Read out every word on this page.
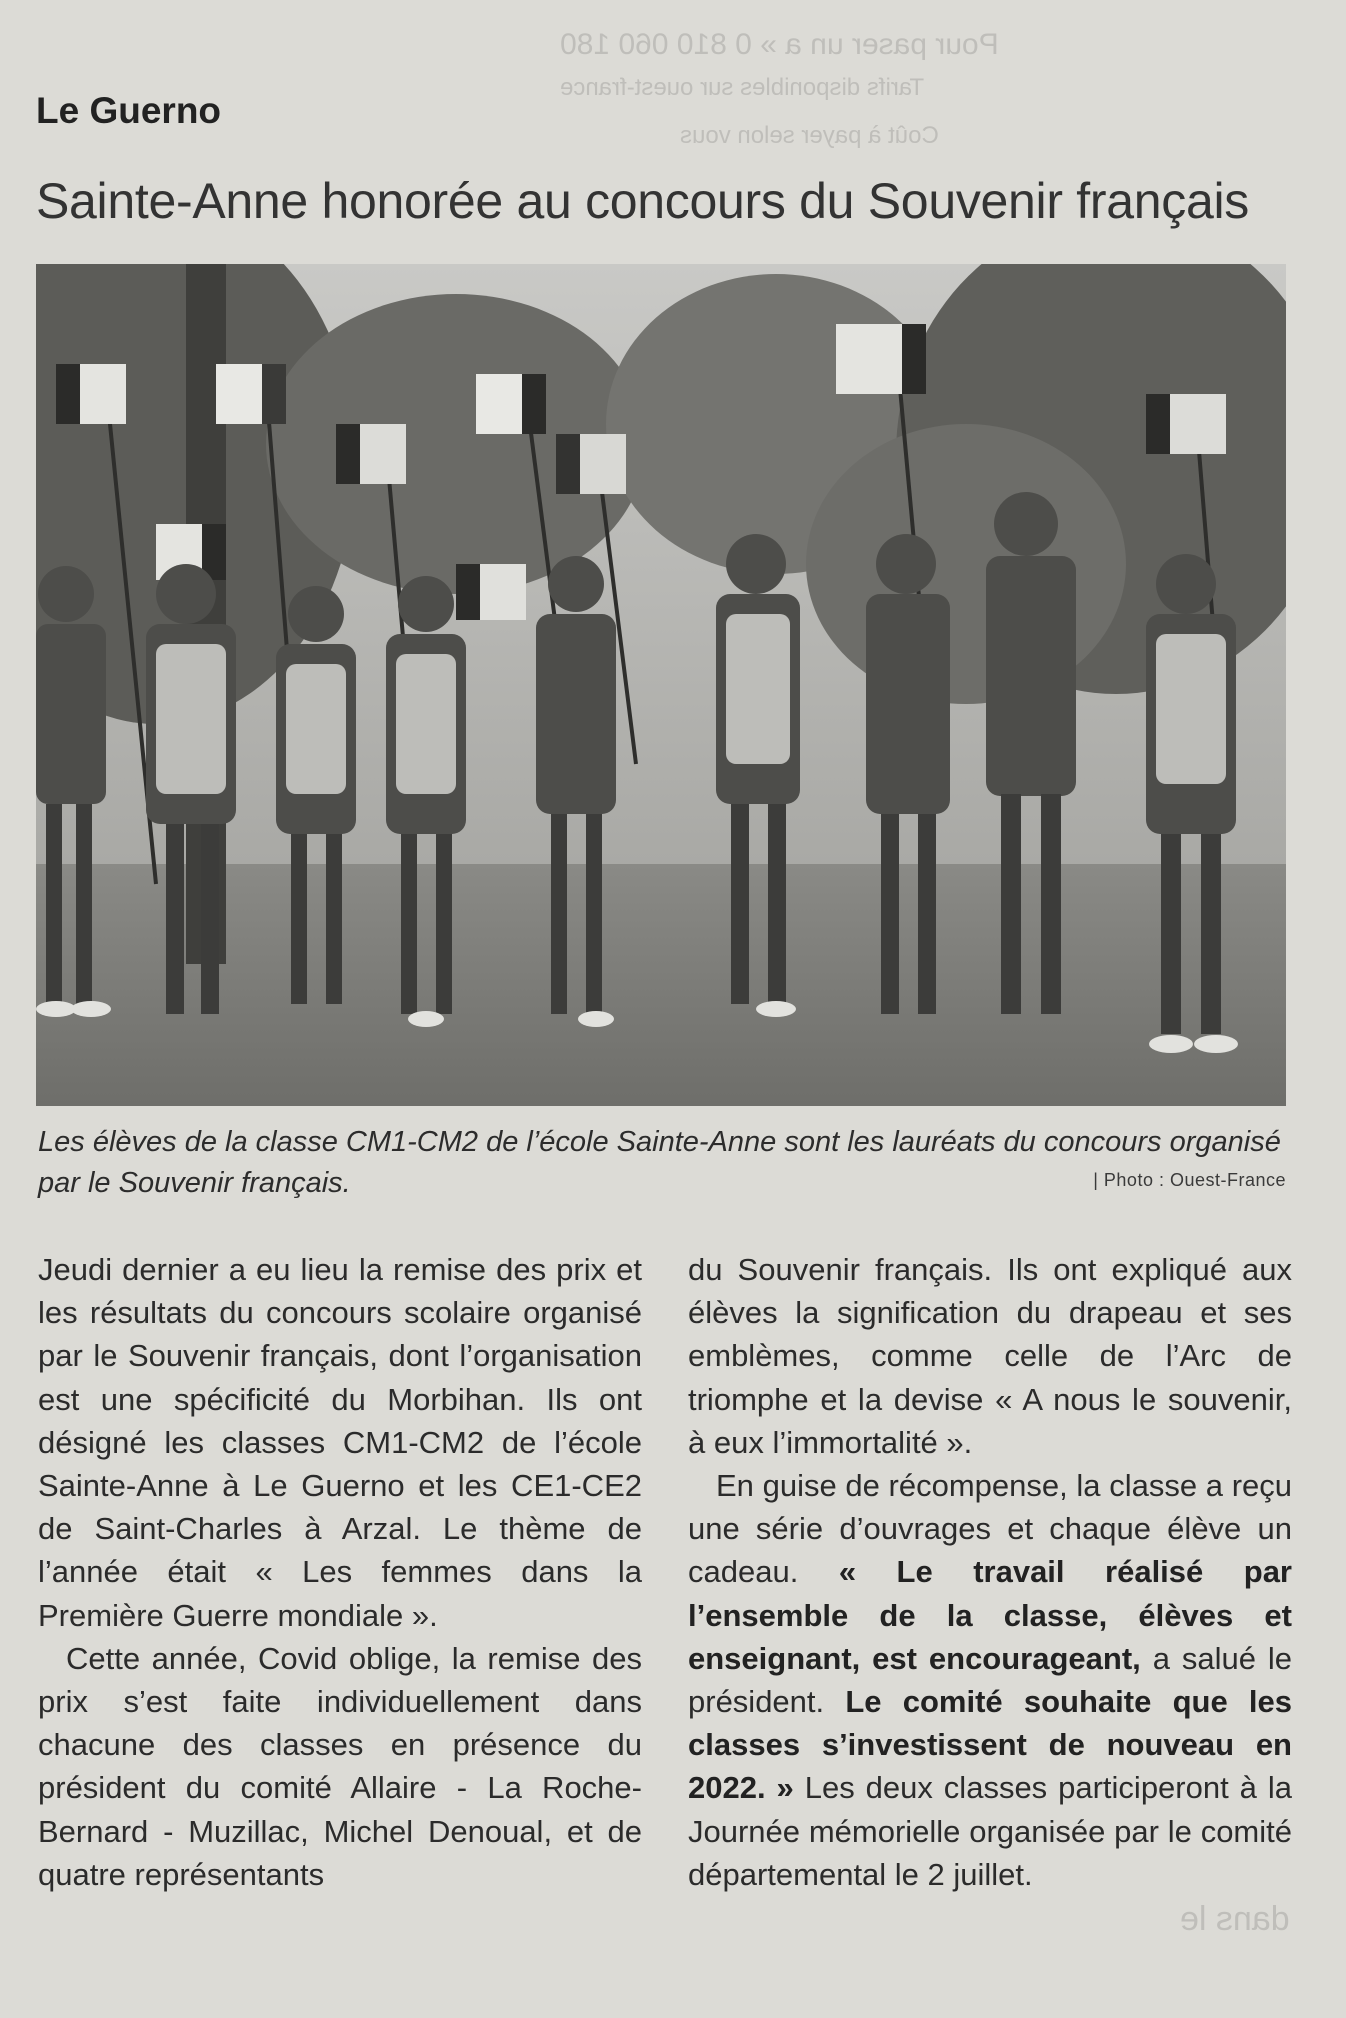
Pour paser un a » 0 810 060 180
Tarifs disponibles sur ouest-france
Coût à payer selon vous
dans le
Le Guerno
Sainte-Anne honorée au concours du Souvenir français
Les élèves de la classe CM1-CM2 de l’école Sainte-Anne sont les lauréats du concours organisé par le Souvenir français.	| Photo : Ouest-France

Jeudi dernier a eu lieu la remise des prix et les résultats du concours scolaire organisé par le Souvenir français, dont l’organisation est une spécificité du Morbihan. Ils ont désigné les classes CM1-CM2 de l’école Sainte-Anne à Le Guerno et les CE1-CE2 de Saint-Charles à Arzal. Le thème de l’année était « Les femmes dans la Première Guerre mondiale ».

Cette année, Covid oblige, la remise des prix s’est faite individuellement dans chacune des classes en présence du président du comité Allaire - La Roche-Bernard - Muzillac, Michel Denoual, et de quatre représentants

du Souvenir français. Ils ont expliqué aux élèves la signification du drapeau et ses emblèmes, comme celle de l’Arc de triomphe et la devise « A nous le souvenir, à eux l’immortalité ».

En guise de récompense, la classe a reçu une série d’ouvrages et chaque élève un cadeau. « Le travail réalisé par l’ensemble de la classe, élèves et enseignant, est encourageant, a salué le président. Le comité souhaite que les classes s’investissent de nouveau en 2022. » Les deux classes participeront à la Journée mémorielle organisée par le comité départemental le 2 juillet.
